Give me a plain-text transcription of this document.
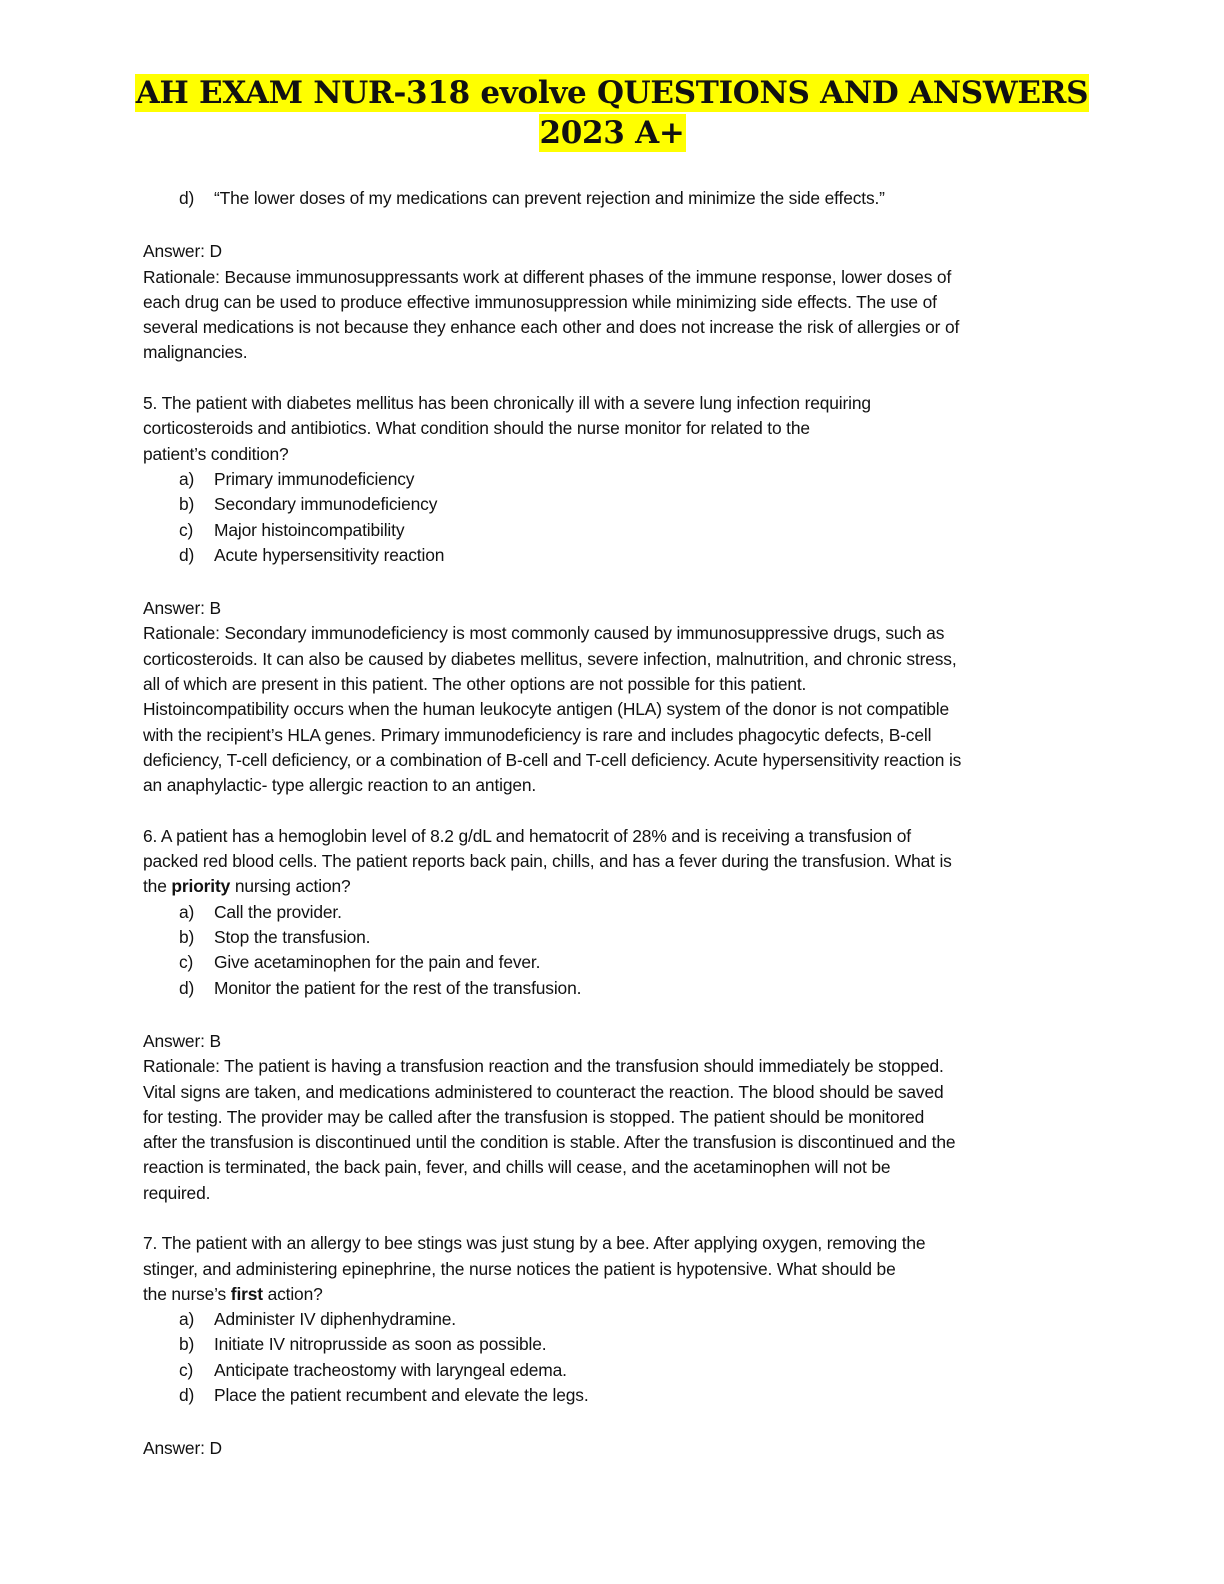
AH EXAM NUR-318 evolve QUESTIONS AND ANSWERS
2023 A+
d)	“The lower doses of my medications can prevent rejection and minimize the side effects.”

Answer: D

Rationale: Because immunosuppressants work at different phases of the immune response, lower doses of

each drug can be used to produce effective immunosuppression while minimizing side effects. The use of

several medications is not because they enhance each other and does not increase the risk of allergies or of

malignancies.

5. The patient with diabetes mellitus has been chronically ill with a severe lung infection requiring

corticosteroids and antibiotics. What condition should the nurse monitor for related to the

patient’s condition?

a)	Primary immunodeficiency
b)	Secondary immunodeficiency
c)	Major histoincompatibility
d)	Acute hypersensitivity reaction

Answer: B

Rationale: Secondary immunodeficiency is most commonly caused by immunosuppressive drugs, such as

corticosteroids. It can also be caused by diabetes mellitus, severe infection, malnutrition, and chronic stress,

all of which are present in this patient. The other options are not possible for this patient.

Histoincompatibility occurs when the human leukocyte antigen (HLA) system of the donor is not compatible

with the recipient’s HLA genes. Primary immunodeficiency is rare and includes phagocytic defects, B-cell

deficiency, T-cell deficiency, or a combination of B-cell and T-cell deficiency. Acute hypersensitivity reaction is

an anaphylactic- type allergic reaction to an antigen.

6. A patient has a hemoglobin level of 8.2 g/dL and hematocrit of 28% and is receiving a transfusion of

packed red blood cells. The patient reports back pain, chills, and has a fever during the transfusion. What is

the priority nursing action?

a)	Call the provider.
b)	Stop the transfusion.
c)	Give acetaminophen for the pain and fever.
d)	Monitor the patient for the rest of the transfusion.

Answer: B

Rationale: The patient is having a transfusion reaction and the transfusion should immediately be stopped.

Vital signs are taken, and medications administered to counteract the reaction. The blood should be saved

for testing. The provider may be called after the transfusion is stopped. The patient should be monitored

after the transfusion is discontinued until the condition is stable. After the transfusion is discontinued and the

reaction is terminated, the back pain, fever, and chills will cease, and the acetaminophen will not be

required.

7. The patient with an allergy to bee stings was just stung by a bee. After applying oxygen, removing the

stinger, and administering epinephrine, the nurse notices the patient is hypotensive. What should be

the nurse’s first action?

a)	Administer IV diphenhydramine.
b)	Initiate IV nitroprusside as soon as possible.
c)	Anticipate tracheostomy with laryngeal edema.
d)	Place the patient recumbent and elevate the legs.

Answer: D
